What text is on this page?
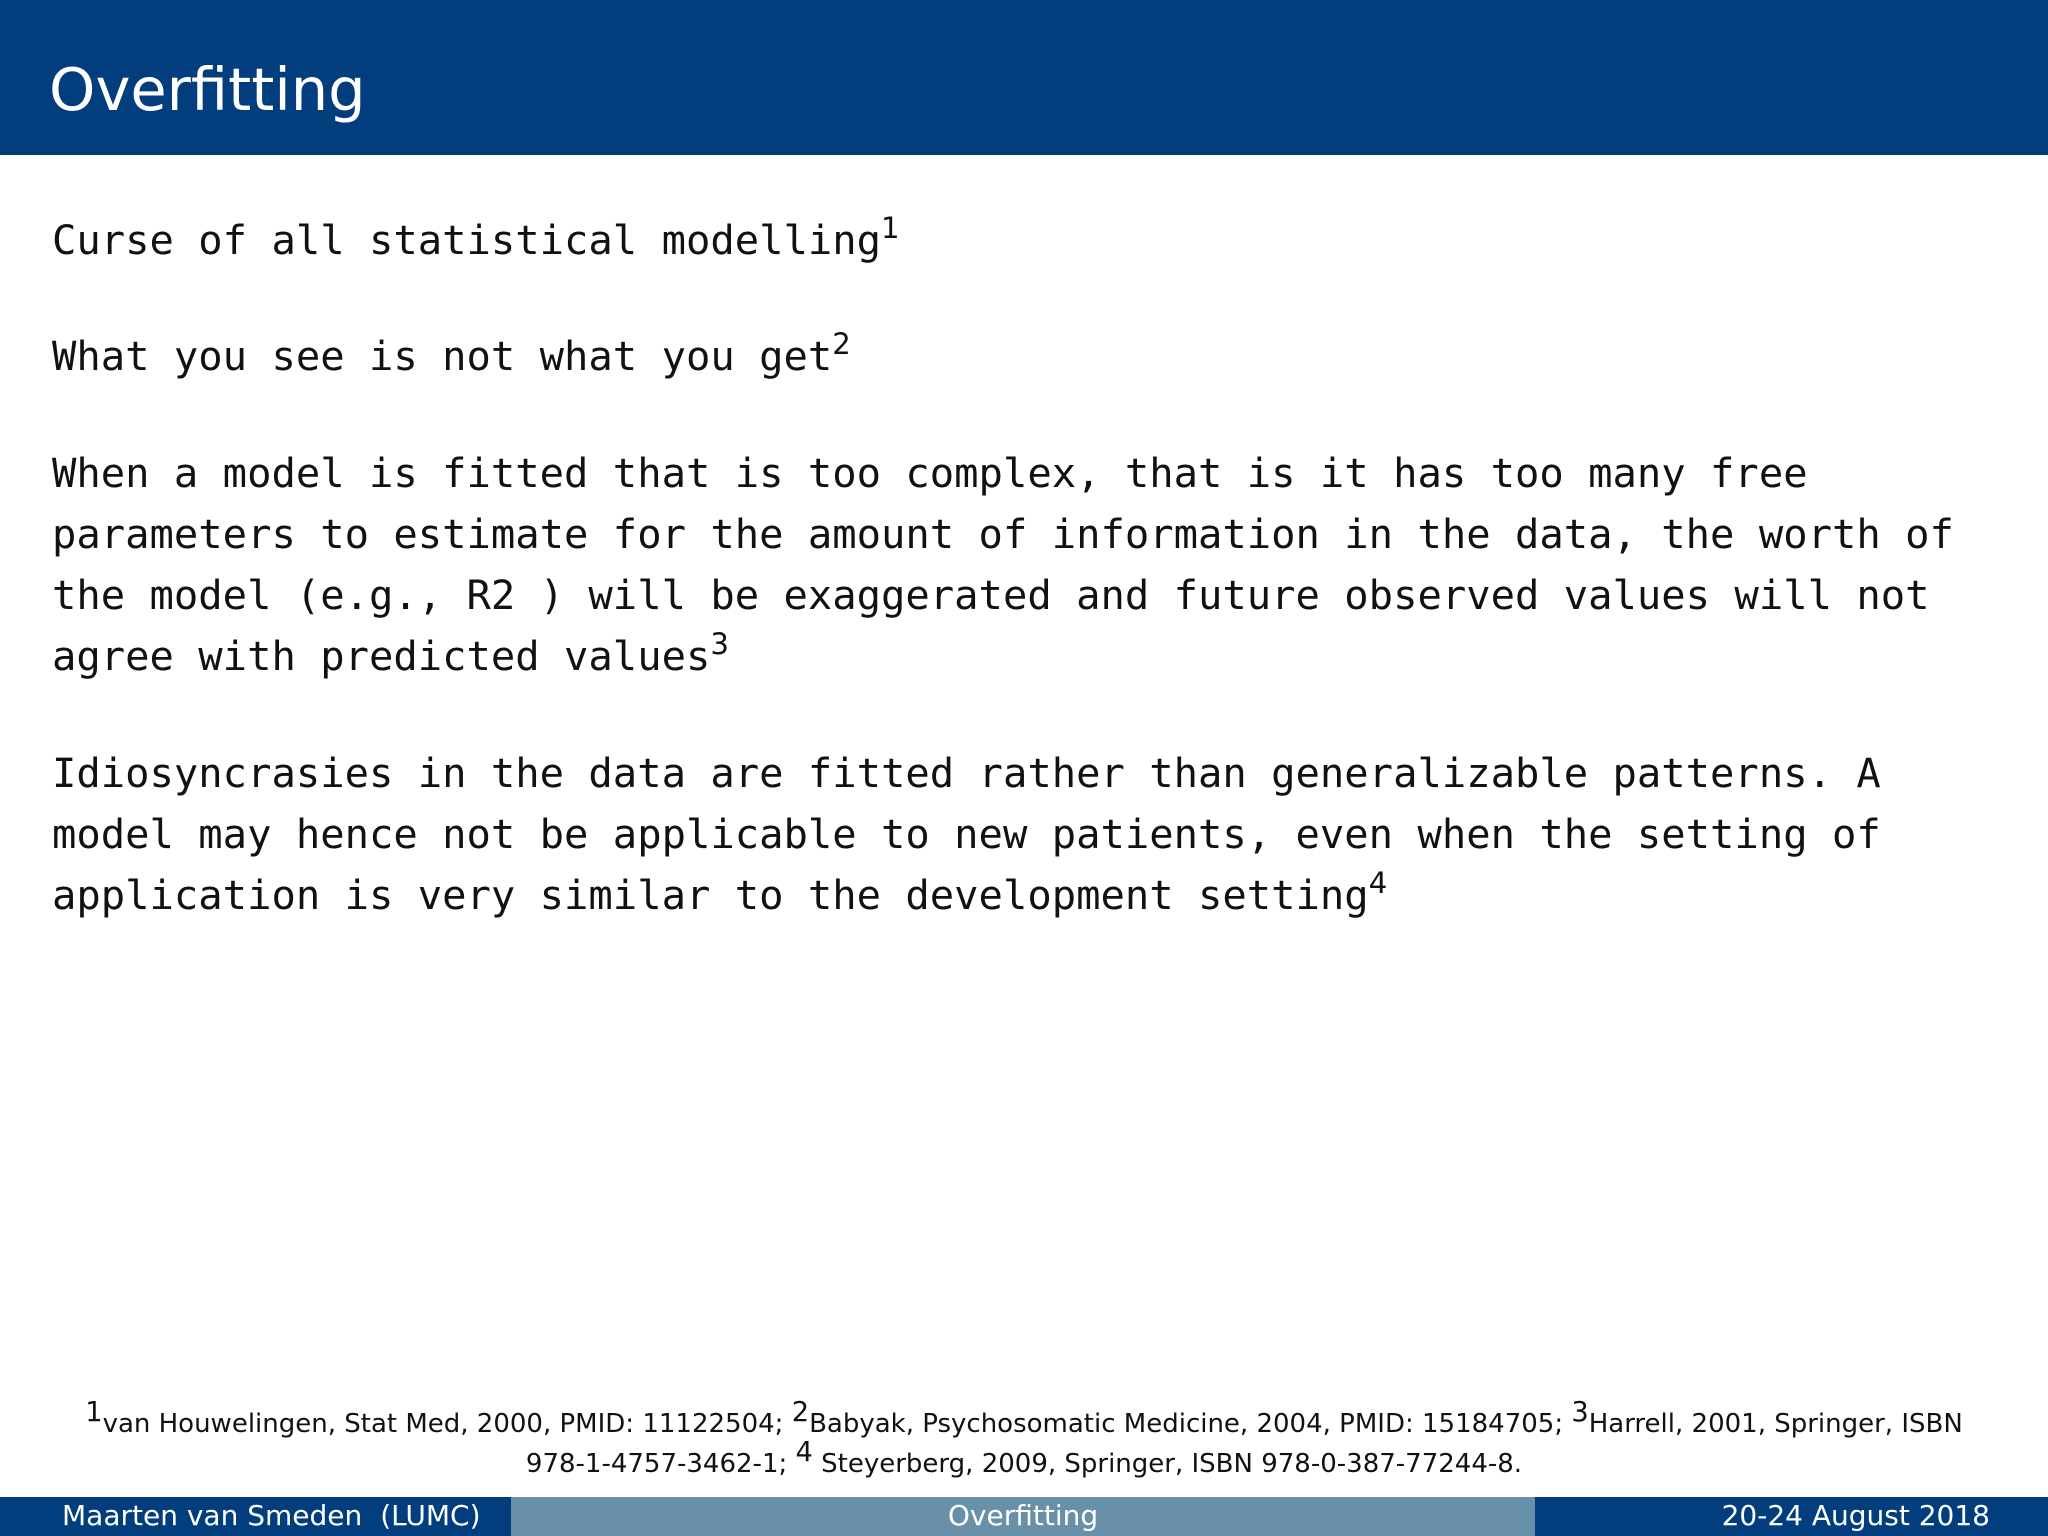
Overfitting

Curse of all statistical modelling$^1$

What you see is not what you get$^2$

When a model is fitted that is too complex, that is it has too many free parameters to estimate for the amount of information in the data, the worth of the model (e.g., R2 ) will be exaggerated and future observed values will not agree with predicted values$^3$

Idiosyncrasies in the data are fitted rather than generalizable patterns. A model may hence not be applicable to new patients, even when the setting of application is very similar to the development setting$^4$

$^1$van Houwelingen, Stat Med, 2000, PMID: 11122504; $^2$Babyak, Psychosomatic Medicine, 2004, PMID: 15184705; $^3$Harrell, 2001, Springer, ISBN 978-1-4757-3462-1; $^4$ Steyerberg, 2009, Springer, ISBN 978-0-387-77244-8.
Maarten van Smeden (LUMC)	Overfitting	20-24 August 2018
